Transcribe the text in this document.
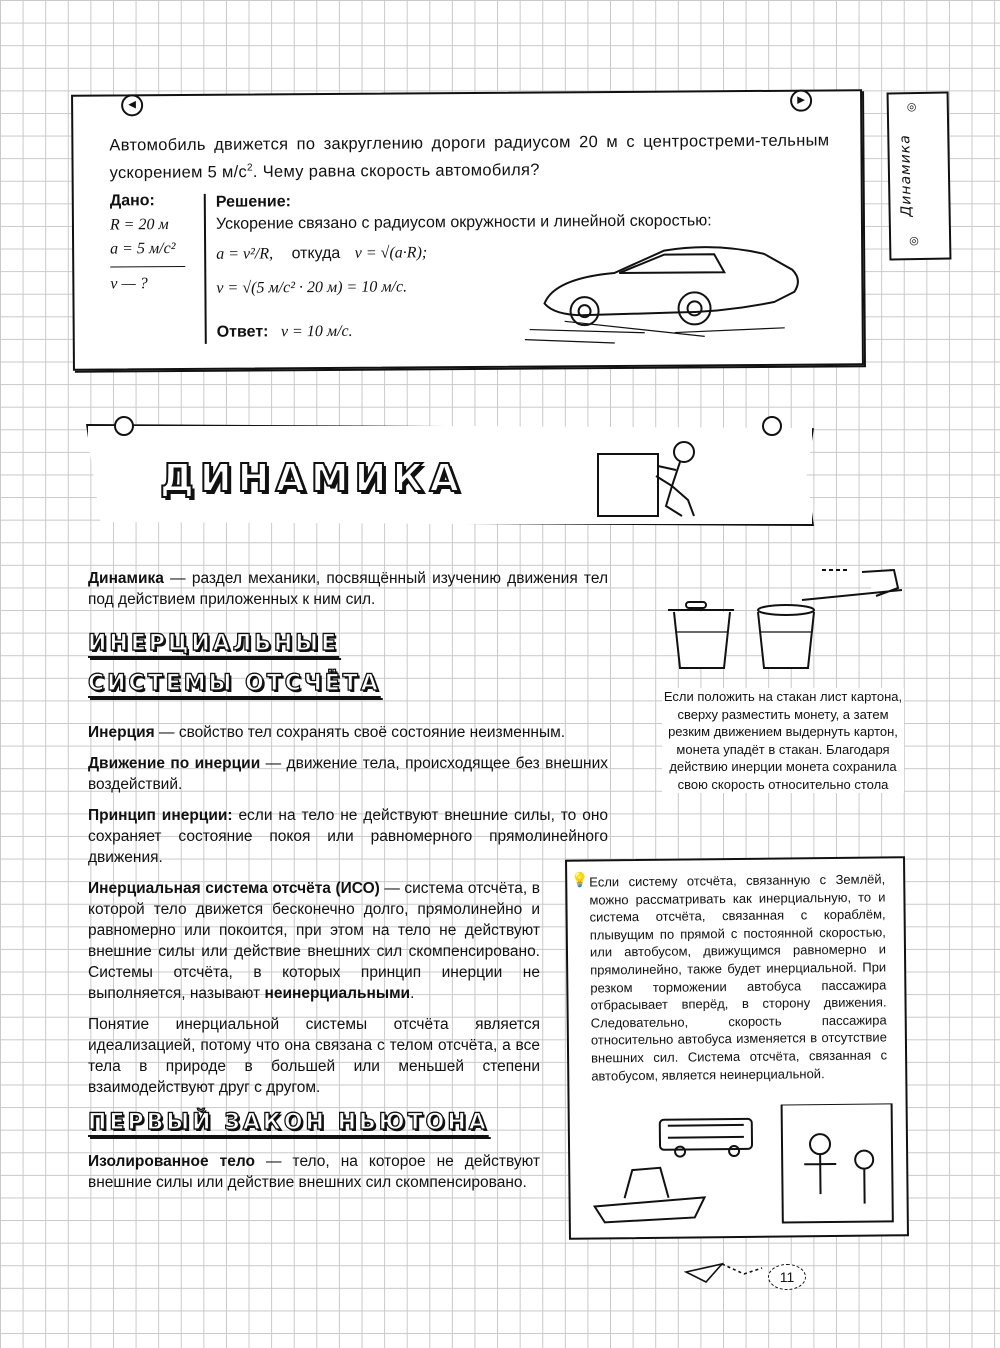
◀	▶
Автомобиль движется по закруглению дороги радиусом 20 м с центростреми-тельным ускорением 5 $м/с^2$. Чему равна скорость автомобиля?
Дано:
R = 20 м
a = 5 м/с²
v — ?
Решение:
Ускорение связано с радиусом окружности и линейной скоростью:
a = v²/R, откуда v = √(a·R);
v = √(5 м/с² · 20 м) = 10 м/с.
Ответ: v = 10 м/с.
◎
Динамика
◎
ДИНАМИКА

Динамика — раздел механики, посвящённый изучению движения тел под действием приложенных к ним сил.

ИНЕРЦИАЛЬНЫЕ СИСТЕМЫ ОТСЧЁТА

Инерция — свойство тел сохранять своё состояние неизменным.

Движение по инерции — движение тела, происходящее без внешних воздействий.

Принцип инерции: если на тело не действуют внешние силы, то оно сохраняет состояние покоя или равномерного прямолинейного движения.

Инерциальная система отсчёта (ИСО) — система отсчёта, в которой тело движется бесконечно долго, прямолинейно и равномерно или покоится, при этом на тело не действуют внешние силы или действие внешних сил скомпенсировано. Системы отсчёта, в которых принцип инерции не выполняется, называют неинерциальными.

Понятие инерциальной системы отсчёта является идеализацией, потому что она связана с телом отсчёта, а все тела в природе в большей или меньшей степени взаимодействуют друг с другом.

ПЕРВЫЙ ЗАКОН НЬЮТОНА

Изолированное тело — тело, на которое не действуют внешние силы или действие внешних сил скомпенсировано.

Если положить на стакан лист картона, сверху разместить монету, а затем резким движением выдернуть картон, монета упадёт в стакан. Благодаря действию инерции монета сохранила свою скорость относительно стола
💡 Если систему отсчёта, связанную с Землёй, можно рассматривать как инерциальную, то и система отсчёта, связанная с кораблём, плывущим по прямой с постоянной скоростью, или автобусом, движущимся равномерно и прямолинейно, также будет инерциальной. При резком торможении автобуса пассажира отбрасывает вперёд, в сторону движения. Следовательно, скорость пассажира относительно автобуса изменяется в отсутствие внешних сил. Система отсчёта, связанная с автобусом, является неинерциальной.
11
